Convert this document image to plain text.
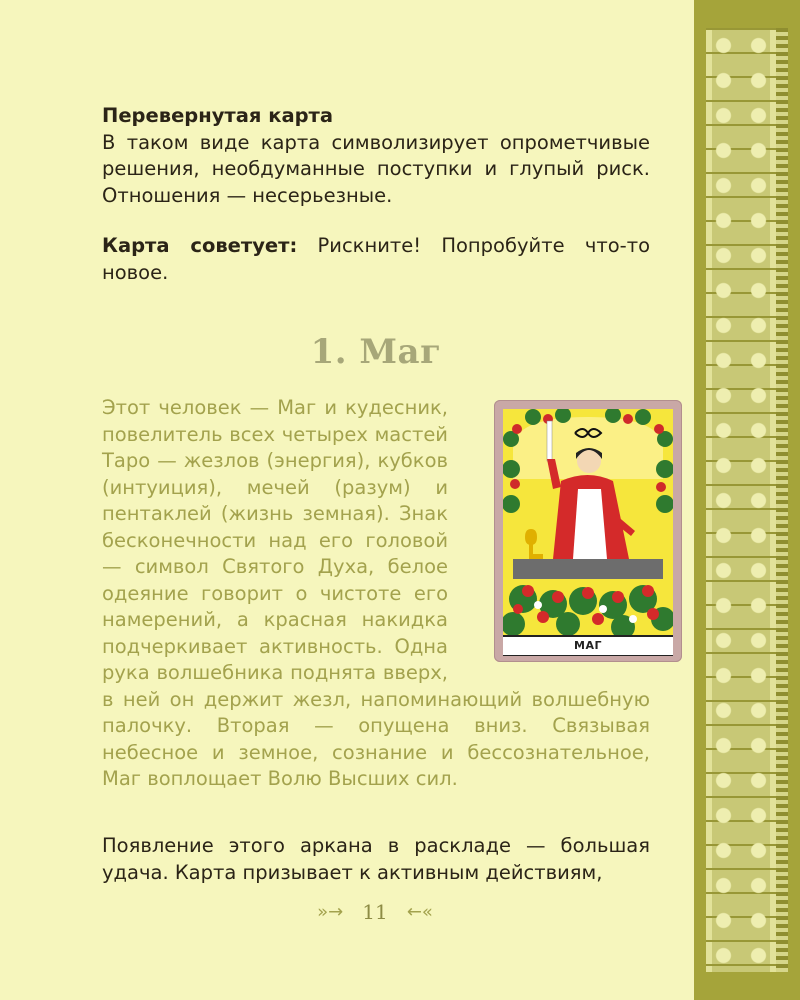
Перевернутая карта
В таком виде карта символизирует опрометчивые решения, необдуманные поступки и глупый риск. Отношения — несерьезные.

Карта советует: Рискните! Попробуйте что-то новое.

1. Маг

Этот человек — Маг и кудесник, повелитель всех четырех мастей Таро — жезлов (энергия), кубков (интуиция), мечей (разум) и пентаклей (жизнь земная). Знак бесконечности над его головой — символ Святого Духа, белое одеяние говорит о чистоте его намерений, а красная накидка подчеркивает активность. Одна рука волшебника поднята вверх, в ней он держит жезл, напоминающий волшебную палочку. Вторая — опущена вниз. Связывая небесное и земное, сознание и бессознательное, Маг воплощает Волю Высших сил.

Появление этого аркана в раскладе — большая удача. Карта призывает к активным действиям,

»→ 11 ←«
МАГ
